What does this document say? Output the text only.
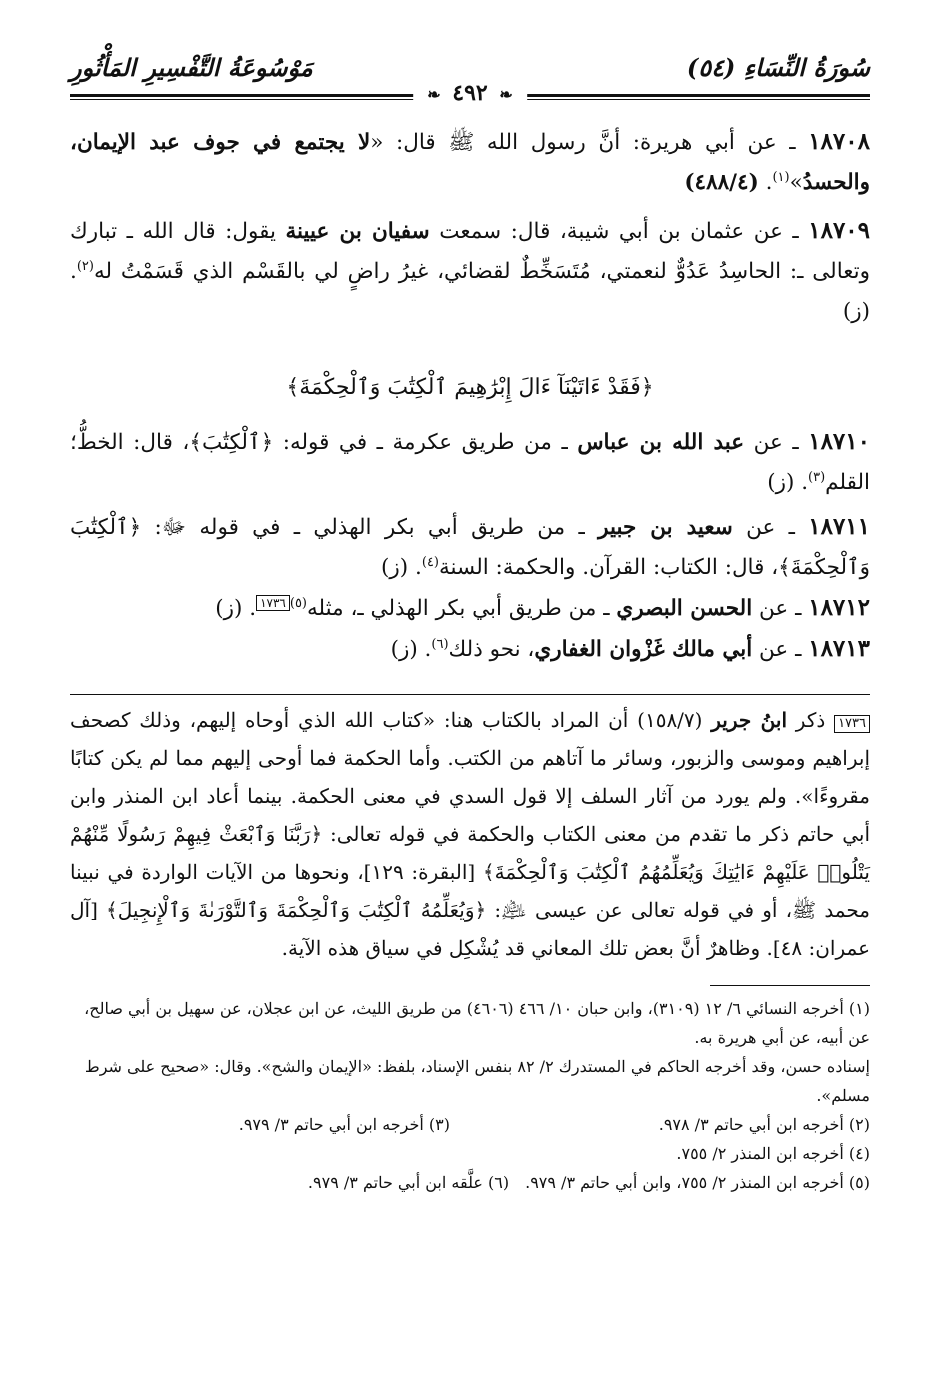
سُورَةُ النِّسَاءِ (٥٤)
مَوْسُوعَةُ التَّفْسِيرِ المَأْثُورِ
❧ ٤٩٢ ❧

١٨٧٠٨ ـ عن أبي هريرة: أنَّ رسول الله ﷺ قال: «لا يجتمع في جوف عبد الإيمان، والحسدُ»$^{(١)}$. (٤٨٨/٤)

١٨٧٠٩ ـ عن عثمان بن أبي شيبة، قال: سمعت سفيان بن عيينة يقول: قال الله ـ تبارك وتعالى ـ: الحاسِدُ عَدُوٌّ لنعمتي، مُتَسَخِّطٌ لقضائي، غيرُ راضٍ لي بالقَسْم الذي قَسَمْتُ له$^{(٢)}$. (ز)

﴿فَقَدْ ءَاتَيْنَآ ءَالَ إِبْرَٰهِيمَ ٱلْكِتَٰبَ وَٱلْحِكْمَةَ﴾

١٨٧١٠ ـ عن عبد الله بن عباس ـ من طريق عكرمة ـ في قوله: ﴿ٱلْكِتَٰبَ﴾، قال: الخطُّ؛ القلم$^{(٣)}$. (ز)

١٨٧١١ ـ عن سعيد بن جبير ـ من طريق أبي بكر الهذلي ـ في قوله ﷻ: ﴿ٱلْكِتَٰبَ وَٱلْحِكْمَةَ﴾، قال: الكتاب: القرآن. والحكمة: السنة$^{(٤)}$. (ز)

١٨٧١٢ ـ عن الحسن البصري ـ من طريق أبي بكر الهذلي ـ، مثله$^{(٥)}$١٧٣٦. (ز)

١٨٧١٣ ـ عن أبي مالك غَزْوان الغفاري، نحو ذلك$^{(٦)}$. (ز)

١٧٣٦ ذكر ابنُ جرير (١٥٨/٧) أن المراد بالكتاب هنا: «كتاب الله الذي أوحاه إليهم، وذلك كصحف إبراهيم وموسى والزبور، وسائر ما آتاهم من الكتب. وأما الحكمة فما أوحى إليهم مما لم يكن كتابًا مقروءًا». ولم يورد من آثار السلف إلا قول السدي في معنى الحكمة. بينما أعاد ابن المنذر وابن أبي حاتم ذكر ما تقدم من معنى الكتاب والحكمة في قوله تعالى: ﴿رَبَّنَا وَٱبْعَثْ فِيهِمْ رَسُولًا مِّنْهُمْ يَتْلُوا۟ عَلَيْهِمْ ءَايَٰتِكَ وَيُعَلِّمُهُمُ ٱلْكِتَٰبَ وَٱلْحِكْمَةَ﴾ [البقرة: ١٢٩]، ونحوها من الآيات الواردة في نبينا محمد ﷺ، أو في قوله تعالى عن عيسى ﵇: ﴿وَيُعَلِّمُهُ ٱلْكِتَٰبَ وَٱلْحِكْمَةَ وَٱلتَّوْرَىٰةَ وَٱلْإِنجِيلَ﴾ [آل عمران: ٤٨]. وظاهرٌ أنَّ بعض تلك المعاني قد يُشْكِل في سياق هذه الآية.

(١) أخرجه النسائي ٦/ ١٢ (٣١٠٩)، وابن حبان ١٠/ ٤٦٦ (٤٦٠٦) من طريق الليث، عن ابن عجلان، عن سهيل بن أبي صالح، عن أبيه، عن أبي هريرة به.
إسناده حسن، وقد أخرجه الحاكم في المستدرك ٢/ ٨٢ بنفس الإسناد، بلفظ: «الإيمان والشح». وقال: «صحيح على شرط مسلم».
(٢) أخرجه ابن أبي حاتم ٣/ ٩٧٨.
(٣) أخرجه ابن أبي حاتم ٣/ ٩٧٩.
(٤) أخرجه ابن المنذر ٢/ ٧٥٥.
(٥) أخرجه ابن المنذر ٢/ ٧٥٥، وابن أبي حاتم ٣/ ٩٧٩.
(٦) علَّقه ابن أبي حاتم ٣/ ٩٧٩.
